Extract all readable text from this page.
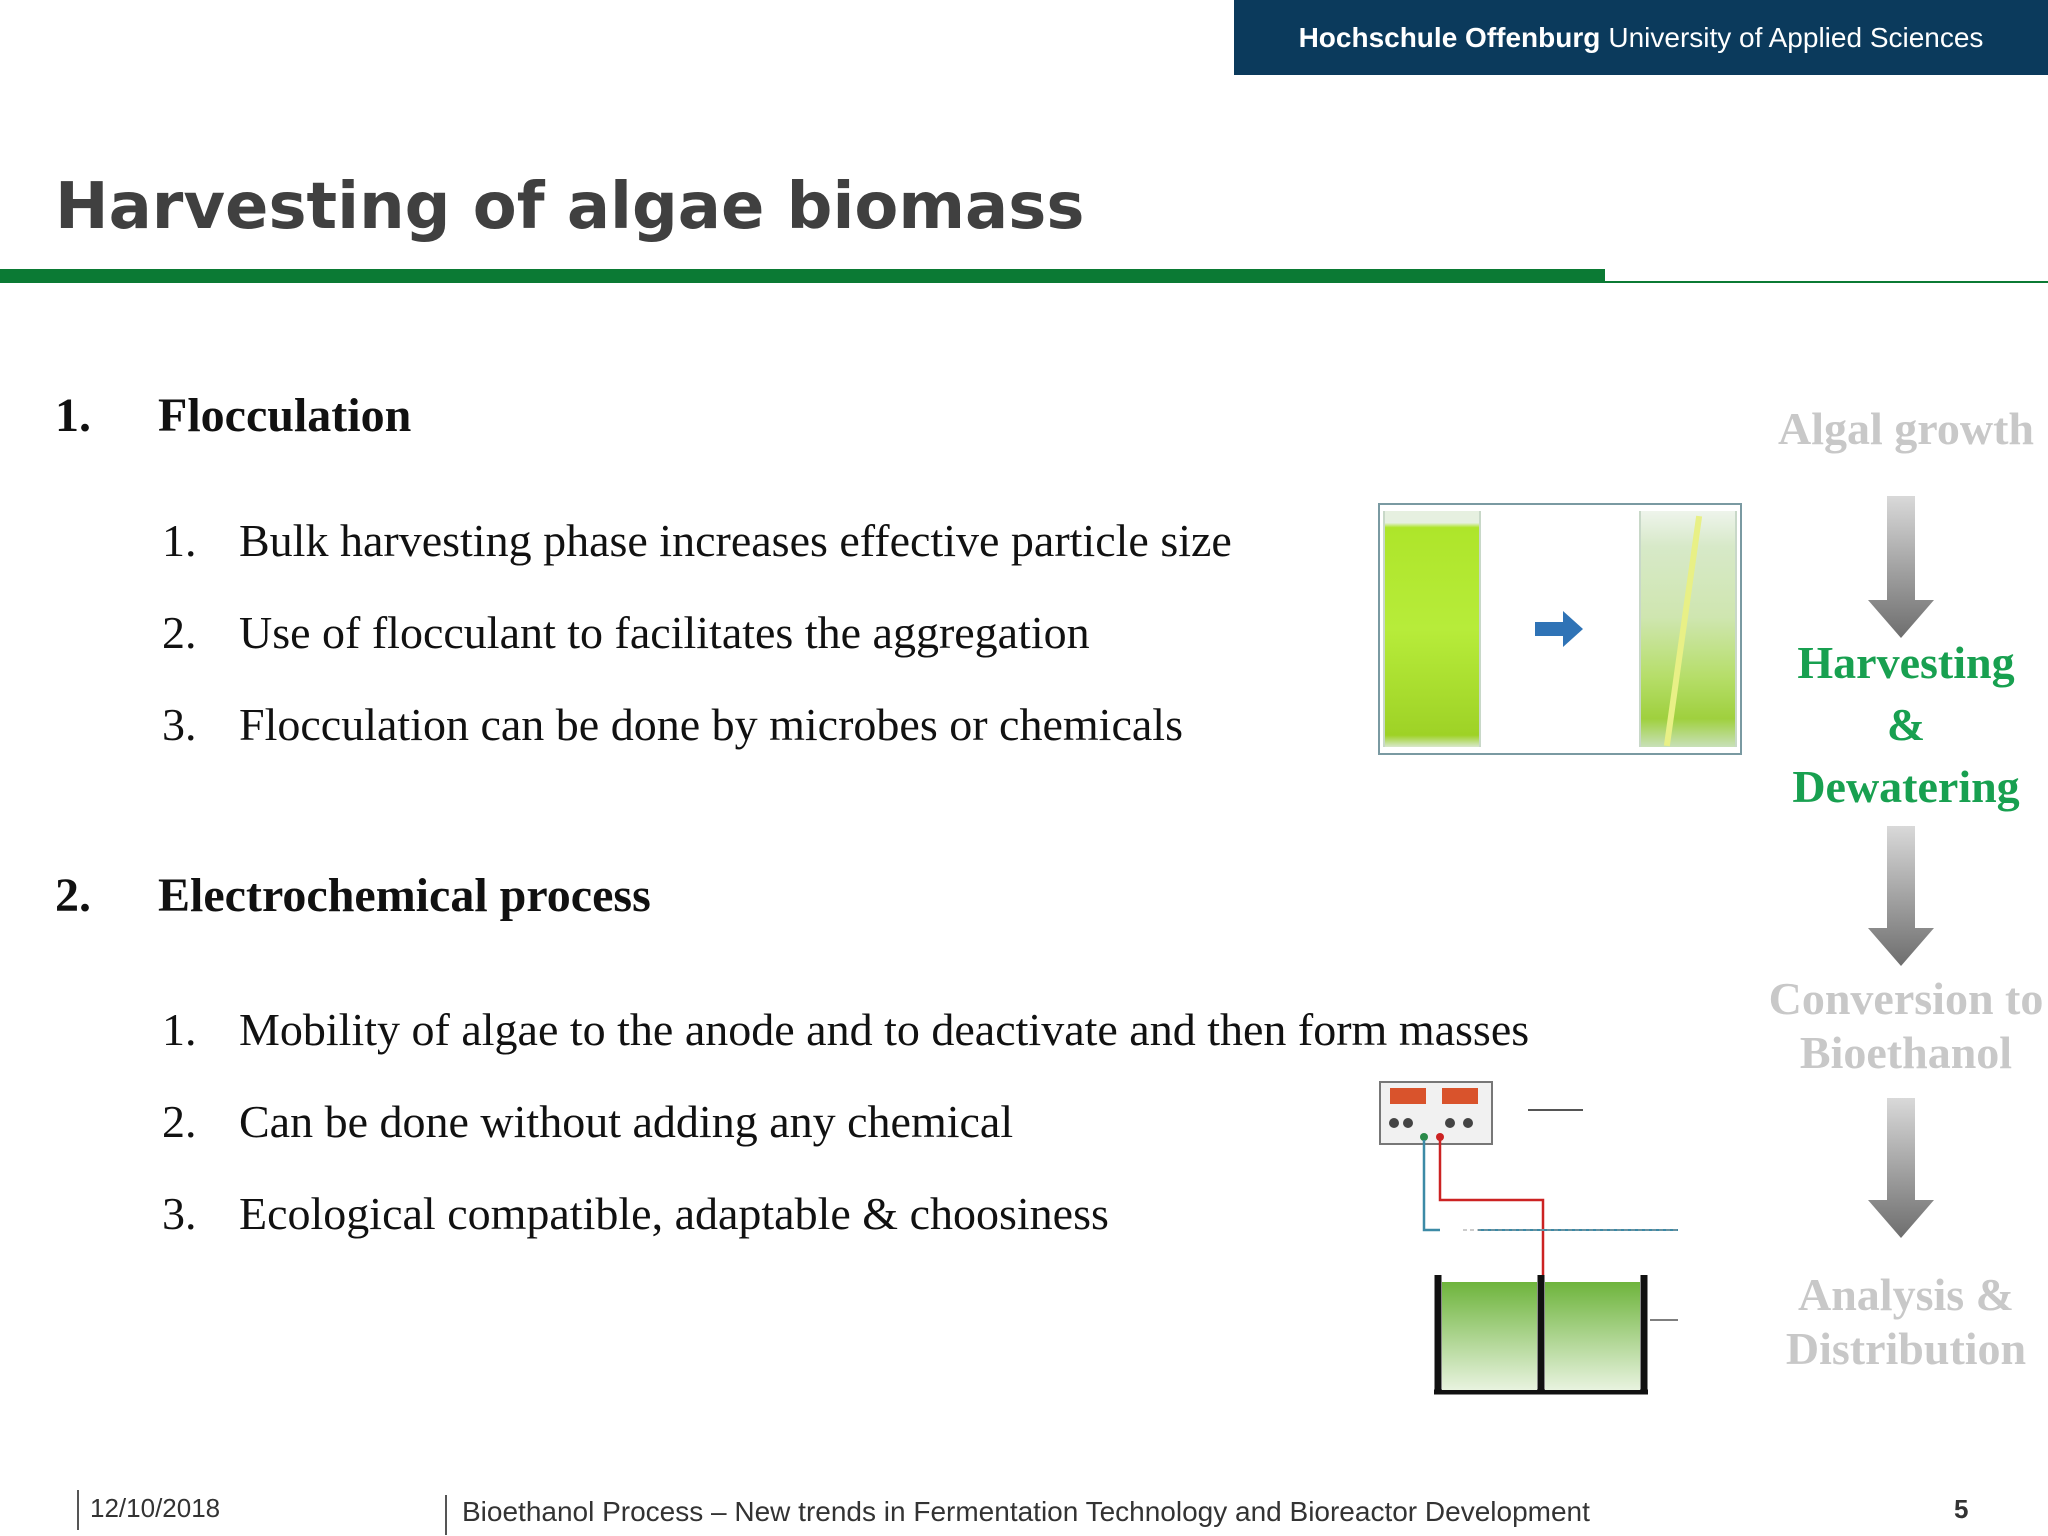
Hochschule Offenburg University of Applied Sciences
Harvesting of algae biomass
1.	Flocculation
1. Bulk harvesting phase increases effective particle size
2. Use of flocculant to facilitates the aggregation
3. Flocculation can be done by microbes or chemicals
2.	Electrochemical process
1. Mobility of algae to the anode and to deactivate and then form masses
2. Can be done without adding any chemical
3. Ecological compatible, adaptable & choosiness
Algal growth
Harvesting
&
Dewatering
Conversion to
Bioethanol
Analysis &
Distribution
12/10/2018	Bioethanol Process – New trends in Fermentation Technology and Bioreactor Development	5
